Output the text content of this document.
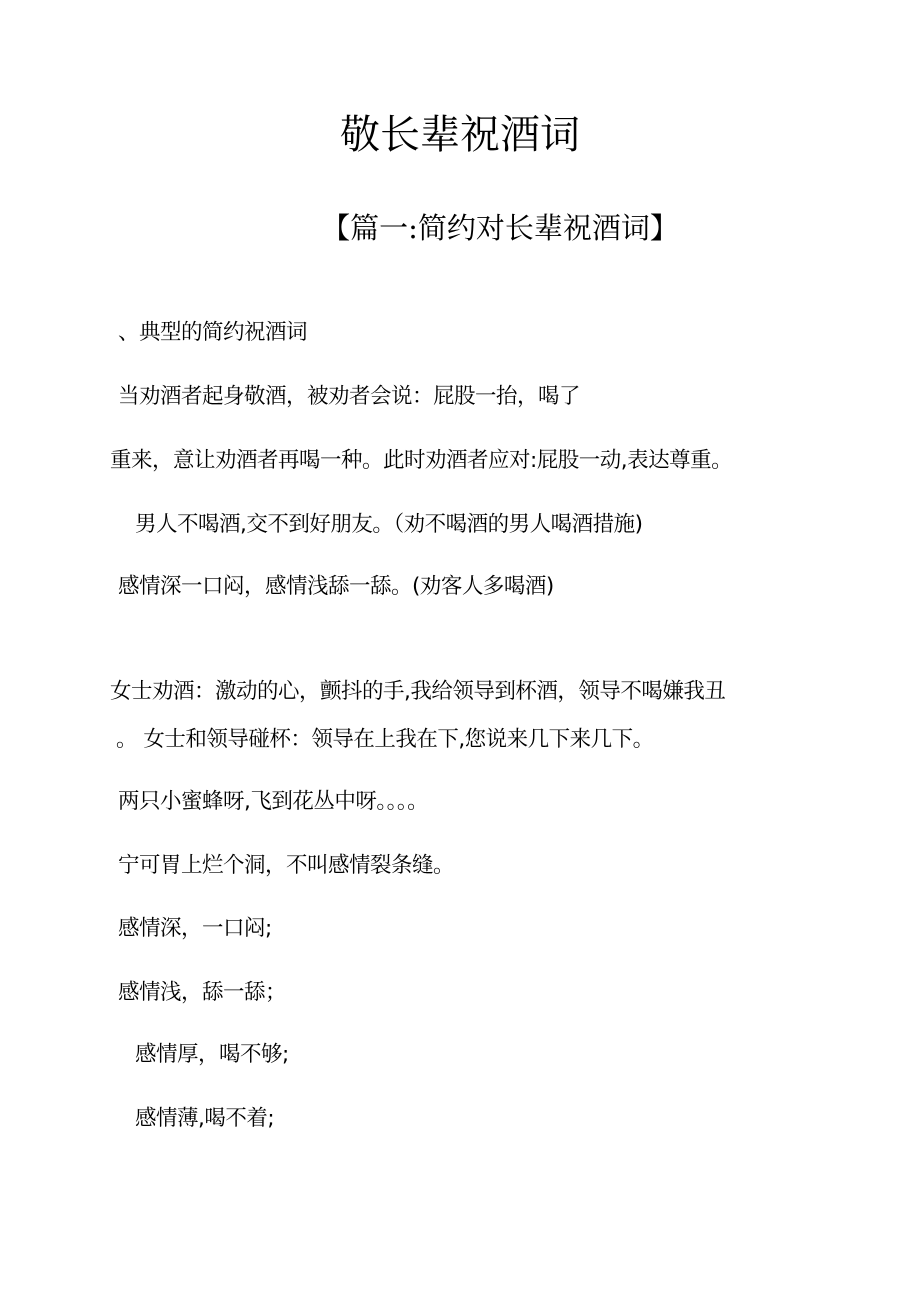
敬长辈祝酒词
【篇一:简约对长辈祝酒词】
、典型的简约祝酒词
当劝酒者起身敬酒，被劝者会说：屁股一抬，喝了
重来，意让劝酒者再喝一种。此时劝酒者应对:屁股一动,表达尊重。
男人不喝酒,交不到好朋友。（劝不喝酒的男人喝酒措施)
感情深一口闷，感情浅舔一舔。(劝客人多喝酒)
女士劝酒：激动的心，颤抖的手,我给领导到杯酒，领导不喝嫌我丑
。 女士和领导碰杯：领导在上我在下,您说来几下来几下。
两只小蜜蜂呀,飞到花丛中呀。。。。
宁可胃上烂个洞，不叫感情裂条缝。
感情深，一口闷;
感情浅，舔一舔；
感情厚，喝不够;
感情薄,喝不着;
